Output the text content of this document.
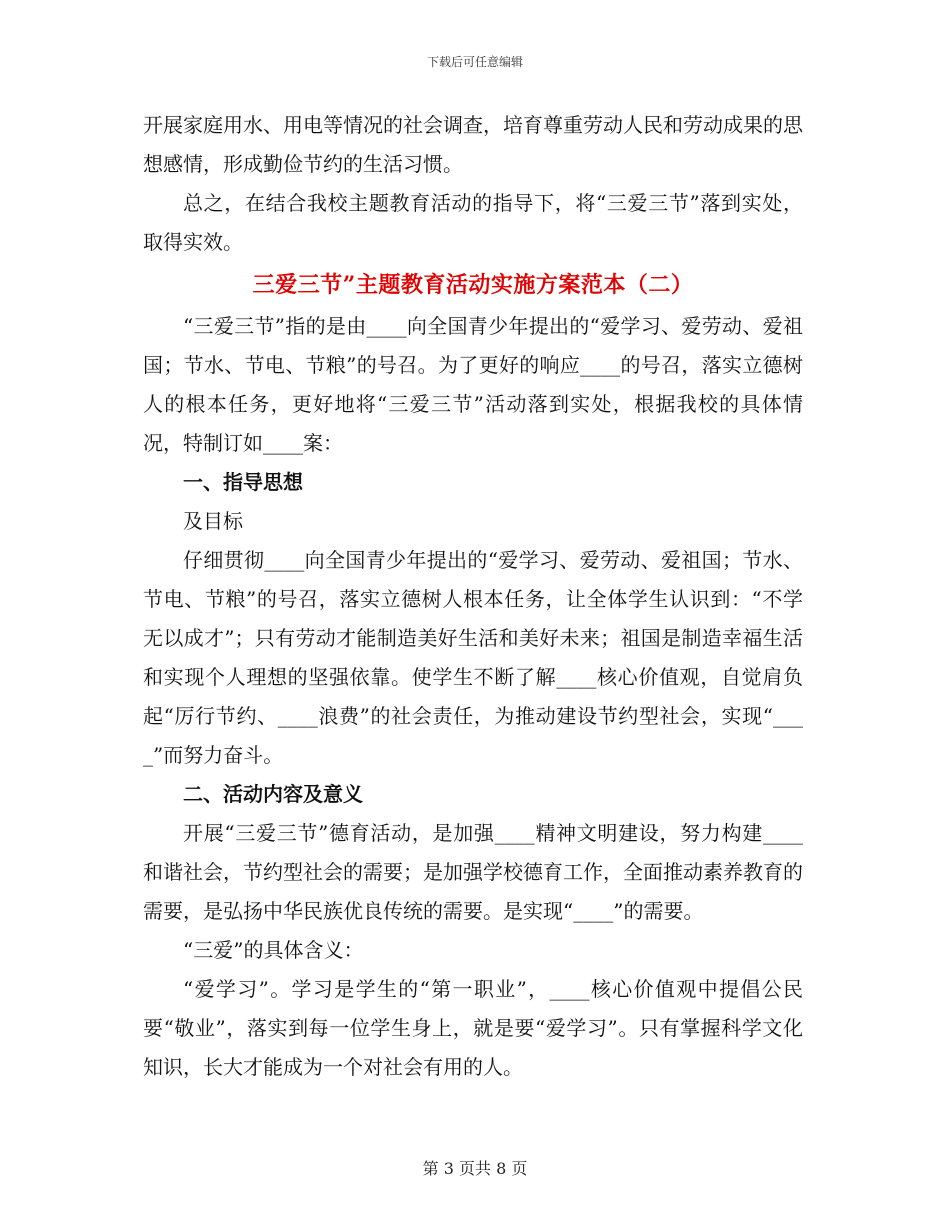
下载后可任意编辑

开展家庭用水、用电等情况的社会调查，培育尊重劳动人民和劳动成果的思想感情，形成勤俭节约的生活习惯。

总之，在结合我校主题教育活动的指导下，将“三爱三节”落到实处，取得实效。

三爱三节”主题教育活动实施方案范本（二）

“三爱三节”指的是由____向全国青少年提出的“爱学习、爱劳动、爱祖国；节水、节电、节粮”的号召。为了更好的响应____的号召，落实立德树人的根本任务，更好地将“三爱三节”活动落到实处，根据我校的具体情况，特制订如____案：

一、指导思想

及目标

仔细贯彻____向全国青少年提出的“爱学习、爱劳动、爱祖国；节水、节电、节粮”的号召，落实立德树人根本任务，让全体学生认识到：“不学无以成才”；只有劳动才能制造美好生活和美好未来；祖国是制造幸福生活和实现个人理想的坚强依靠。使学生不断了解____核心价值观，自觉肩负起“厉行节约、____浪费”的社会责任，为推动建设节约型社会，实现“____”而努力奋斗。

二、活动内容及意义

开展“三爱三节”德育活动，是加强____精神文明建设，努力构建____和谐社会，节约型社会的需要；是加强学校德育工作，全面推动素养教育的需要，是弘扬中华民族优良传统的需要。是实现“____”的需要。

“三爱”的具体含义：

“爱学习”。学习是学生的“第一职业”，____核心价值观中提倡公民要“敬业”，落实到每一位学生身上，就是要“爱学习”。只有掌握科学文化知识，长大才能成为一个对社会有用的人。

第 3 页共 8 页
